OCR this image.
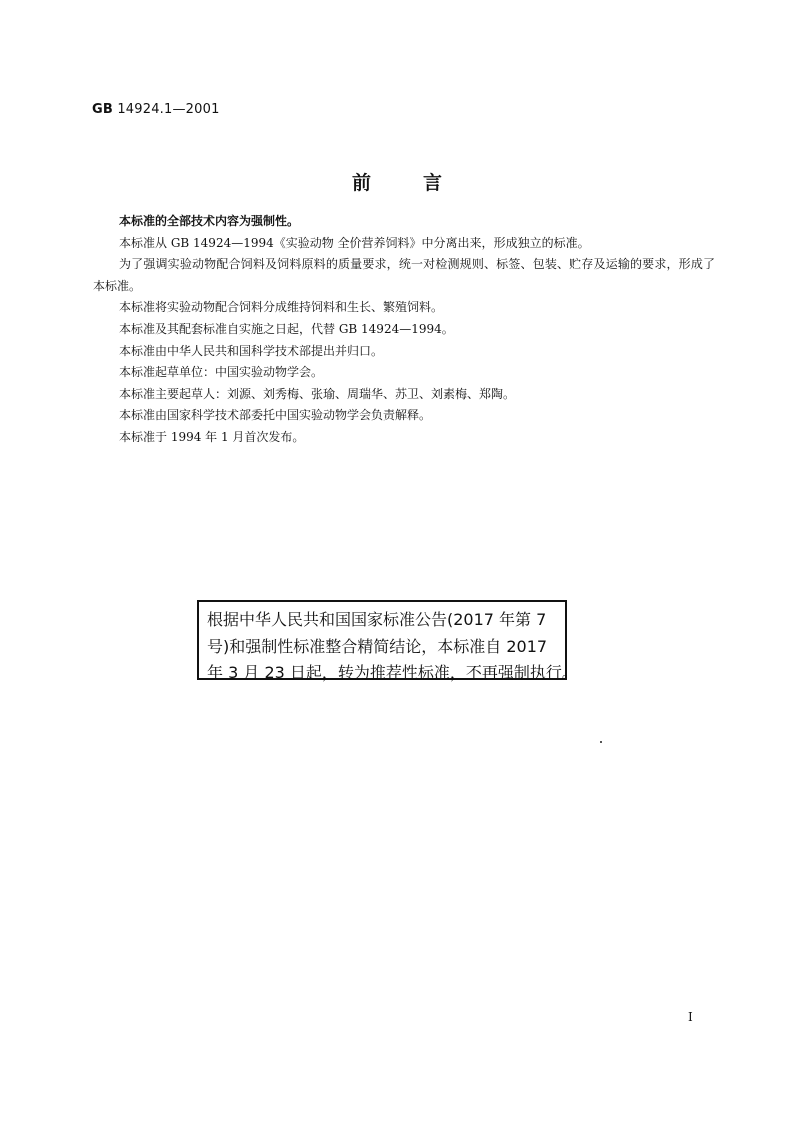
GB 14924.1—2001
前言

本标准的全部技术内容为强制性。

本标准从 GB 14924—1994《实验动物 全价营养饲料》中分离出来，形成独立的标准。

为了强调实验动物配合饲料及饲料原料的质量要求，统一对检测规则、标签、包装、贮存及运输的要求，形成了本标准。

本标准将实验动物配合饲料分成维持饲料和生长、繁殖饲料。

本标准及其配套标准自实施之日起，代替 GB 14924—1994。

本标准由中华人民共和国科学技术部提出并归口。

本标准起草单位：中国实验动物学会。

本标准主要起草人：刘源、刘秀梅、张瑜、周瑞华、苏卫、刘素梅、郑陶。

本标准由国家科学技术部委托中国实验动物学会负责解释。

本标准于 1994 年 1 月首次发布。

根据中华人民共和国国家标准公告(2017 年第 7
号)和强制性标准整合精简结论，本标准自 2017
年 3 月 23 日起，转为推荐性标准，不再强制执行。
I
